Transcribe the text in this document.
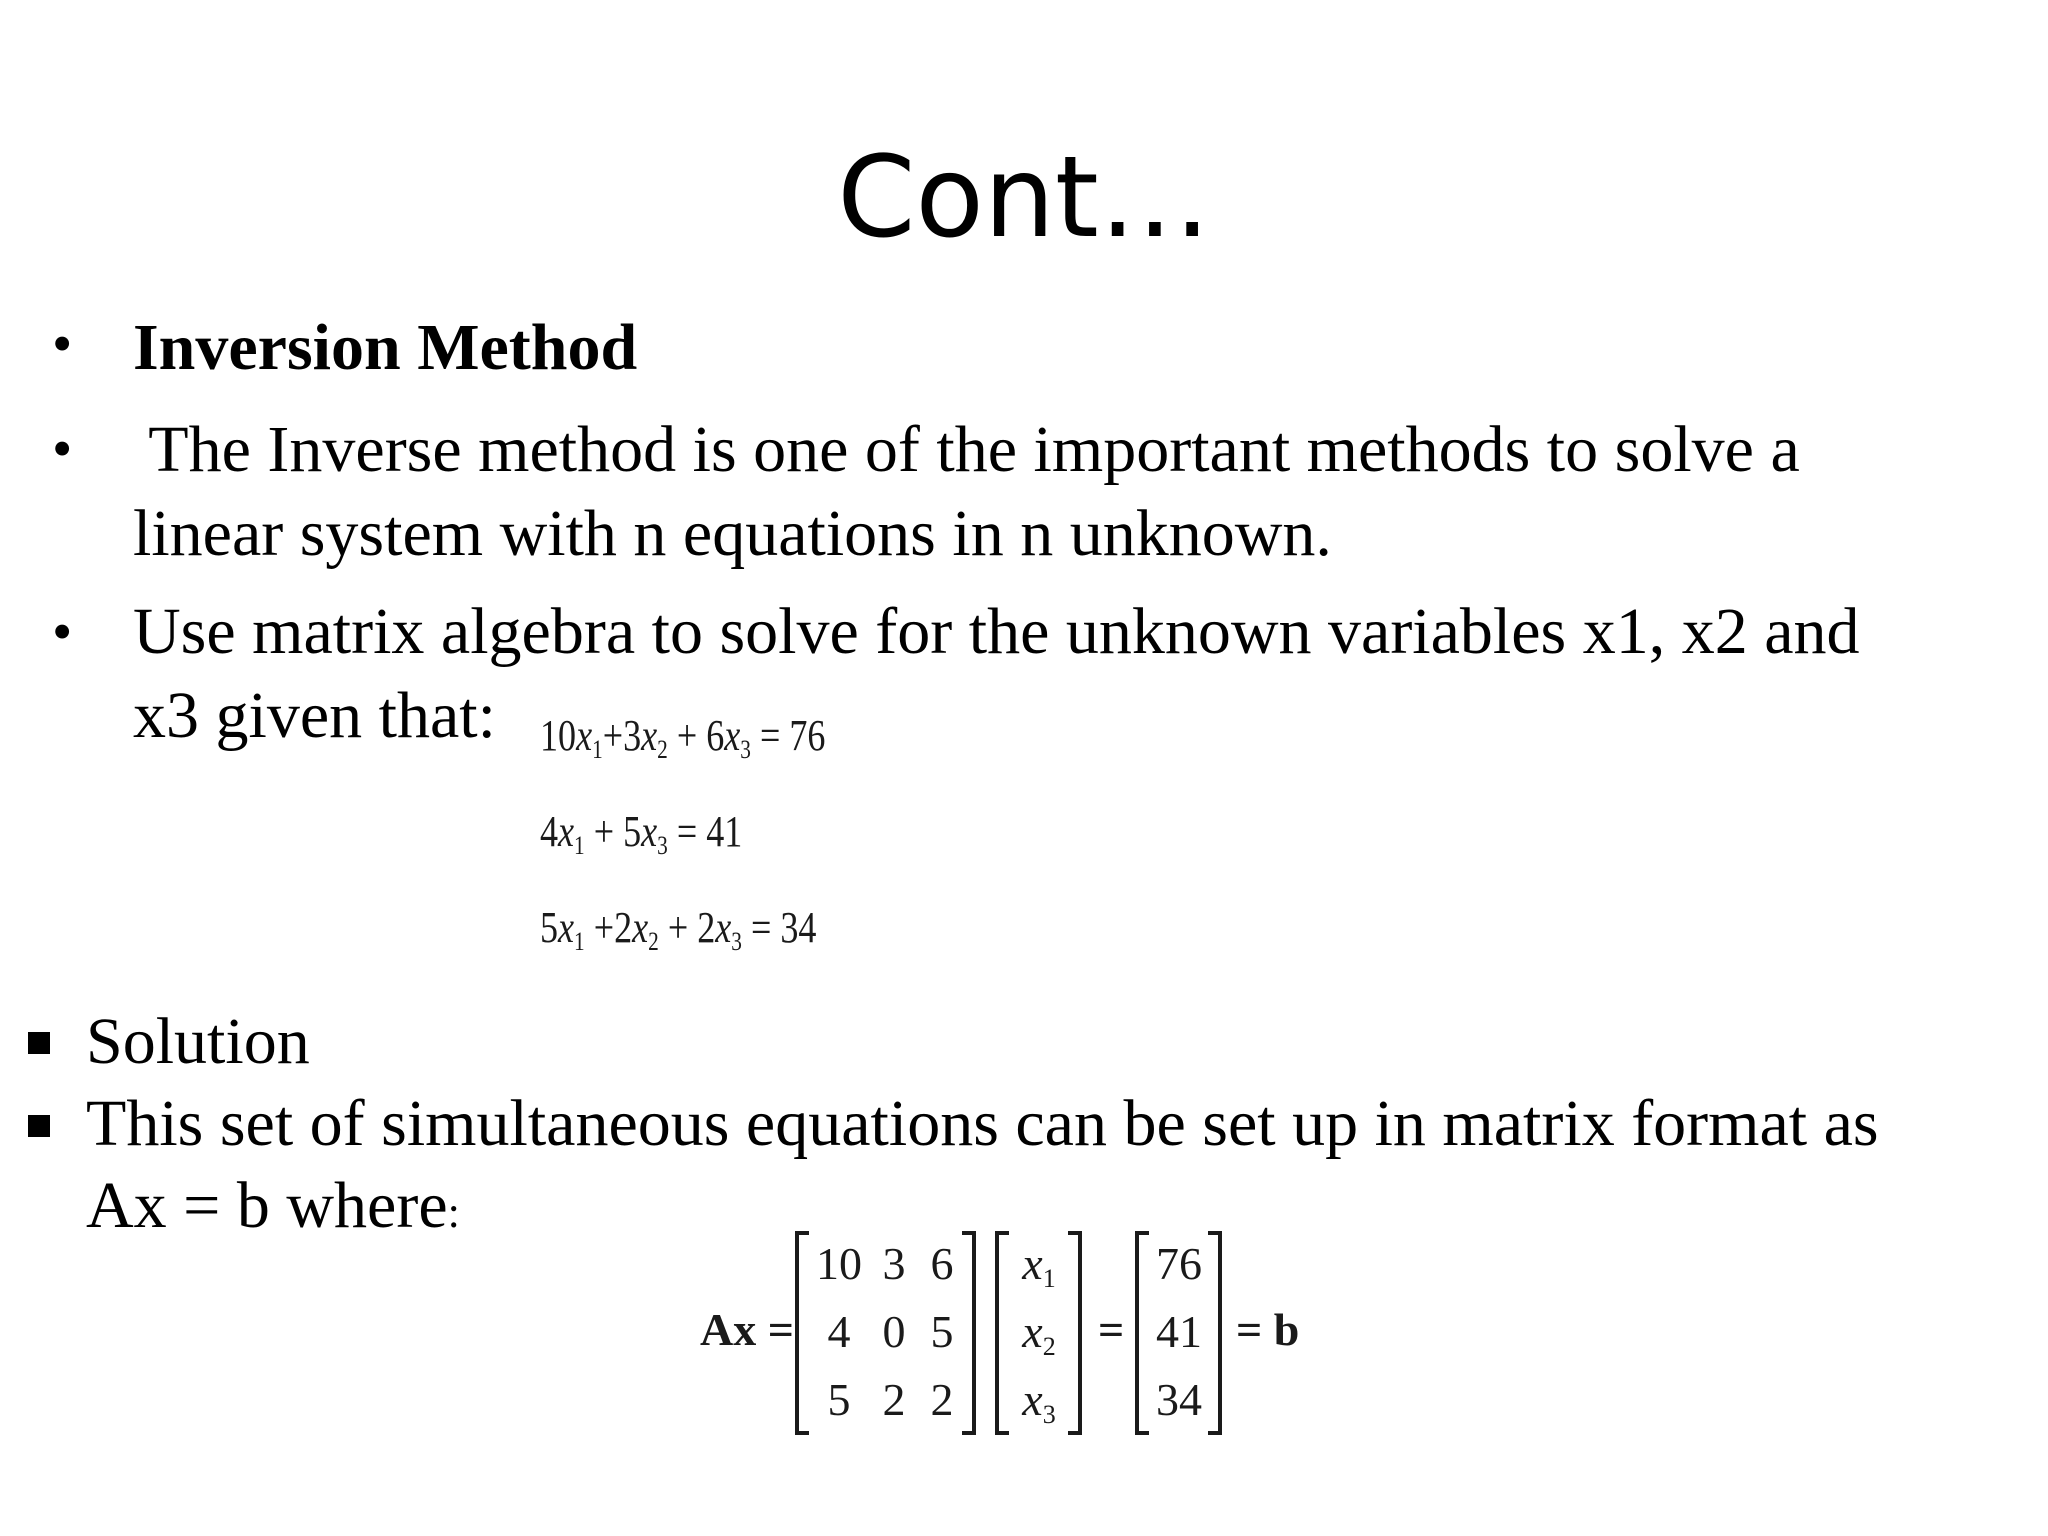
Cont…
• Inversion Method
• The Inverse method is one of the important methods to solve a
linear system with n equations in n unknown.
• Use matrix algebra to solve for the unknown variables x1, x2 and
x3 given that: $10x_1+3x_2 + 6x_3 = 76$
$4x_1 + 5x_3 = 41$
$5x_1 +2x_2 + 2x_3 = 34$
Solution
This set of simultaneous equations can be set up in matrix format as
Ax = b where:
Ax =
10 3 6
4 0 5
5 2 2
$x_1$
$x_2$
$x_3$
=
76
41
34
= b
